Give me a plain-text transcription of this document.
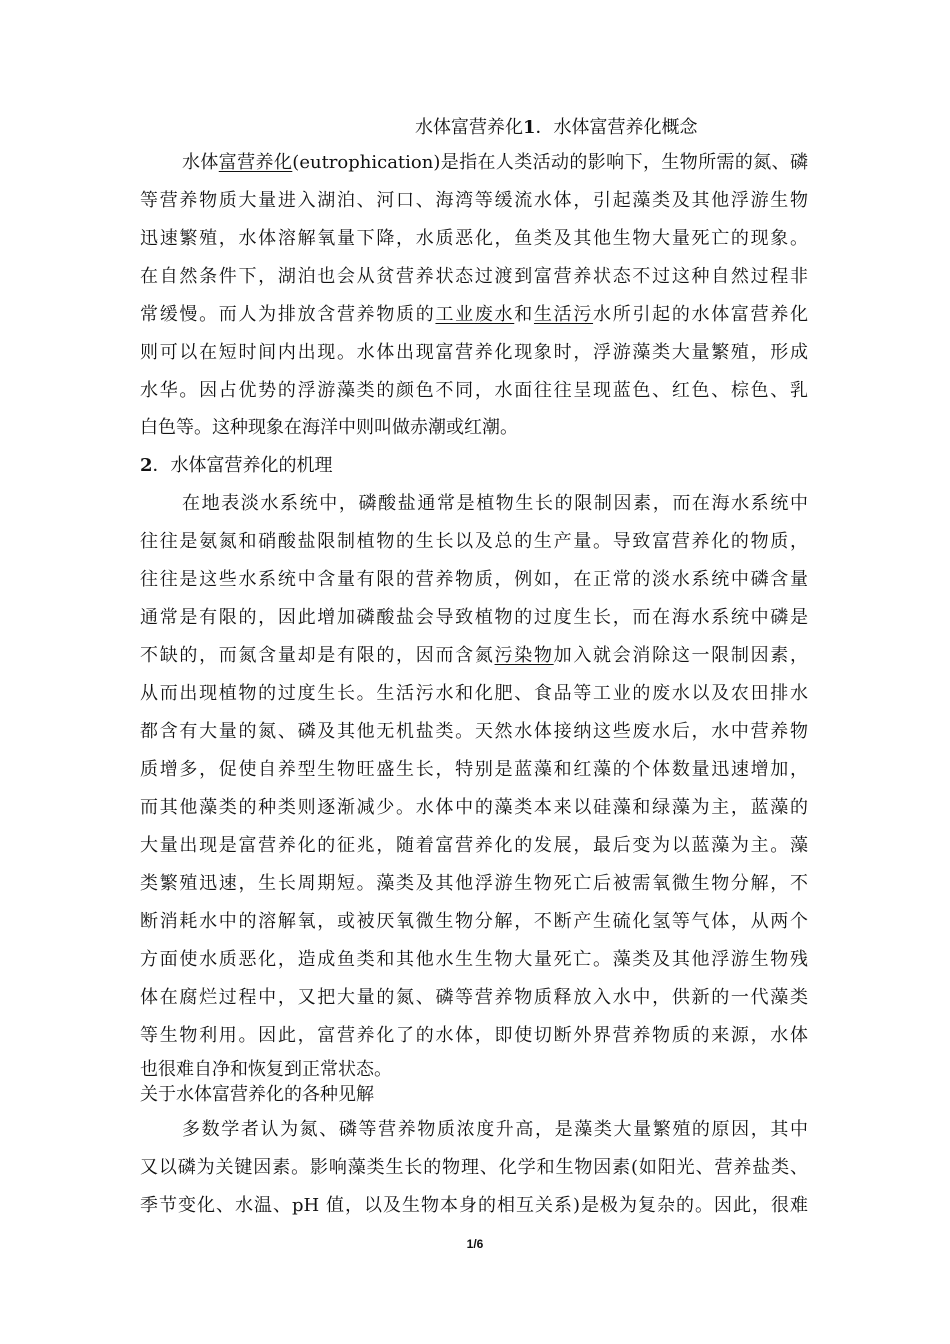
水体富营养化1．水体富营养化概念
水体富营养化(eutrophication)是指在人类活动的影响下，生物所需的氮、磷
等营养物质大量进入湖泊、河口、海湾等缓流水体，引起藻类及其他浮游生物
迅速繁殖，水体溶解氧量下降，水质恶化，鱼类及其他生物大量死亡的现象。
在自然条件下，湖泊也会从贫营养状态过渡到富营养状态不过这种自然过程非
常缓慢。而人为排放含营养物质的工业废水和生活污水所引起的水体富营养化
则可以在短时间内出现。水体出现富营养化现象时，浮游藻类大量繁殖，形成
水华。因占优势的浮游藻类的颜色不同，水面往往呈现蓝色、红色、棕色、乳
白色等。这种现象在海洋中则叫做赤潮或红潮。
2．水体富营养化的机理
在地表淡水系统中，磷酸盐通常是植物生长的限制因素，而在海水系统中
往往是氨氮和硝酸盐限制植物的生长以及总的生产量。导致富营养化的物质，
往往是这些水系统中含量有限的营养物质，例如，在正常的淡水系统中磷含量
通常是有限的，因此增加磷酸盐会导致植物的过度生长，而在海水系统中磷是
不缺的，而氮含量却是有限的，因而含氮污染物加入就会消除这一限制因素，
从而出现植物的过度生长。生活污水和化肥、食品等工业的废水以及农田排水
都含有大量的氮、磷及其他无机盐类。天然水体接纳这些废水后，水中营养物
质增多，促使自养型生物旺盛生长，特别是蓝藻和红藻的个体数量迅速增加，
而其他藻类的种类则逐渐减少。水体中的藻类本来以硅藻和绿藻为主，蓝藻的
大量出现是富营养化的征兆，随着富营养化的发展，最后变为以蓝藻为主。藻
类繁殖迅速，生长周期短。藻类及其他浮游生物死亡后被需氧微生物分解，不
断消耗水中的溶解氧，或被厌氧微生物分解，不断产生硫化氢等气体，从两个
方面使水质恶化，造成鱼类和其他水生生物大量死亡。藻类及其他浮游生物残
体在腐烂过程中，又把大量的氮、磷等营养物质释放入水中，供新的一代藻类
等生物利用。因此，富营养化了的水体，即使切断外界营养物质的来源，水体
也很难自净和恢复到正常状态。
关于水体富营养化的各种见解
多数学者认为氮、磷等营养物质浓度升高，是藻类大量繁殖的原因，其中
又以磷为关键因素。影响藻类生长的物理、化学和生物因素(如阳光、营养盐类、
季节变化、水温、pH 值，以及生物本身的相互关系)是极为复杂的。因此，很难
1/6
